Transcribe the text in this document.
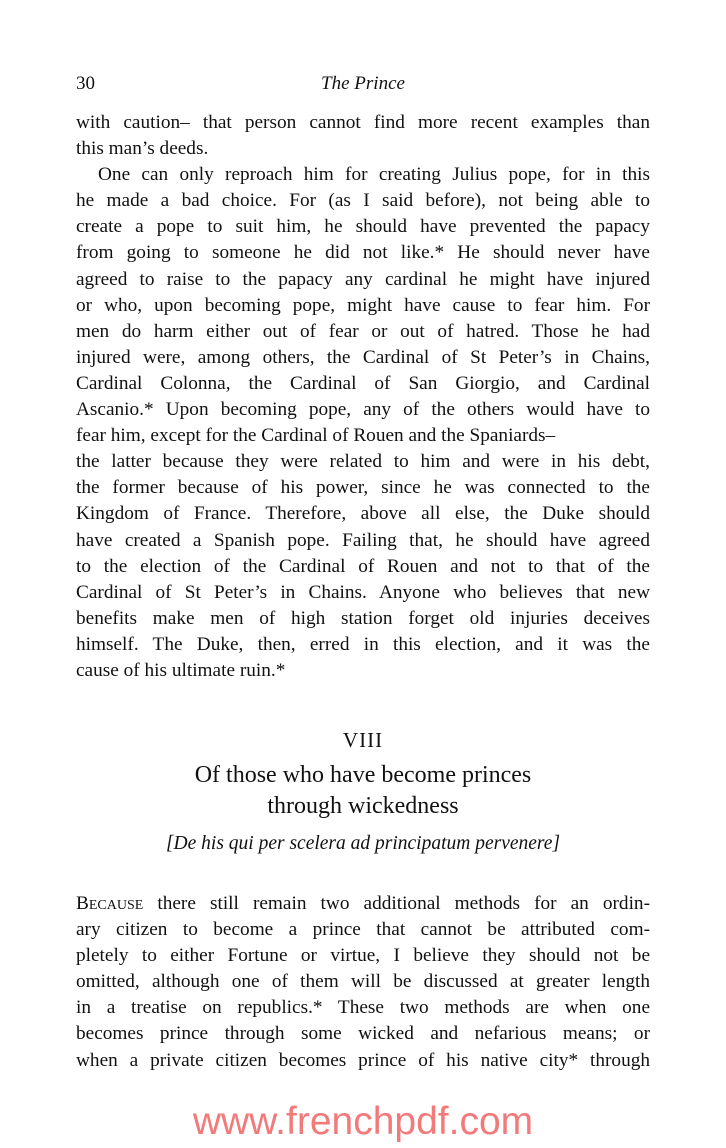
30	The Prince
with caution– that person cannot find more recent examples than
this man’s deeds.
One can only reproach him for creating Julius pope, for in this
he made a bad choice. For (as I said before), not being able to
create a pope to suit him, he should have prevented the papacy
from going to someone he did not like.* He should never have
agreed to raise to the papacy any cardinal he might have injured
or who, upon becoming pope, might have cause to fear him. For
men do harm either out of fear or out of hatred. Those he had
injured were, among others, the Cardinal of St Peter’s in Chains,
Cardinal Colonna, the Cardinal of San Giorgio, and Cardinal
Ascanio.* Upon becoming pope, any of the others would have to
fear him, except for the Cardinal of Rouen and the Spaniards–
the latter because they were related to him and were in his debt,
the former because of his power, since he was connected to the
Kingdom of France. Therefore, above all else, the Duke should
have created a Spanish pope. Failing that, he should have agreed
to the election of the Cardinal of Rouen and not to that of the
Cardinal of St Peter’s in Chains. Anyone who believes that new
benefits make men of high station forget old injuries deceives
himself. The Duke, then, erred in this election, and it was the
cause of his ultimate ruin.*
VIII
Of those who have become princes
through wickedness
[De his qui per scelera ad principatum pervenere]
Because there still remain two additional methods for an ordin-
ary citizen to become a prince that cannot be attributed com-
pletely to either Fortune or virtue, I believe they should not be
omitted, although one of them will be discussed at greater length
in a treatise on republics.* These two methods are when one
becomes prince through some wicked and nefarious means; or
when a private citizen becomes prince of his native city* through
www.frenchpdf.com
